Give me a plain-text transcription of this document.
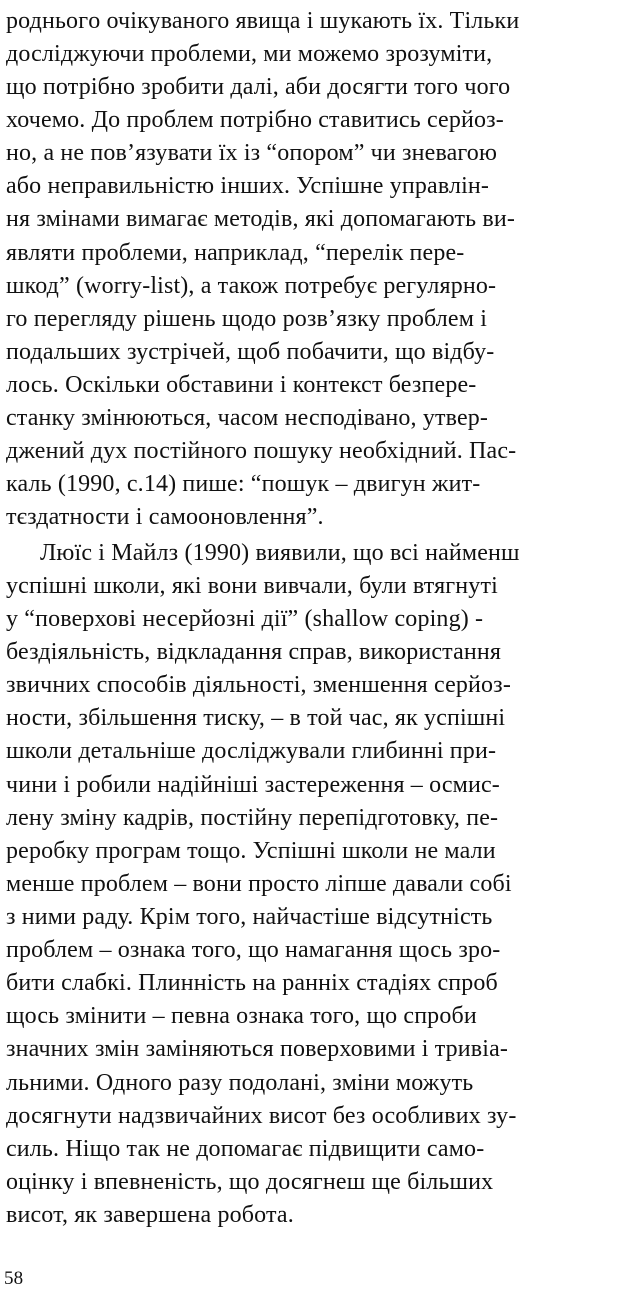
родньогo очікуваного явища і шукають їх. Тільки
досліджуючи проблеми, ми можемо зрозуміти,
що потрібно зробити далі, аби досягти того чого
хочемо. До проблем потрібно ставитись серйоз-
но, а не пов’язувати їх із “опором” чи зневагою
або неправильністю інших. Успішне управлін-
ня змінами вимагає методів, які допомагають ви-
являти проблеми, наприклад, “перелік пере-
шкод” (worry-list), а також потребує регулярно-
го перегляду рішень щодо розв’язку проблем і
подальших зустрічей, щоб побачити, що відбу-
лось. Оскільки обставини і контекст безпере-
станку змінюються, часом несподівано, утвер-
джений дух постійного пошуку необхідний. Пас-
каль (1990, с.14) пише: “пошук – двигун жит-
тєздатности і самооновлення”.
Люїс і Майлз (1990) виявили, що всі найменш
успішні школи, які вони вивчали, були втягнуті
у “поверхові несерйозні дії” (shallow coping) -
бездіяльність, відкладання справ, використання
звичних способів діяльності, зменшення серйоз-
ности, збільшення тиску, – в той час, як успішні
школи детальніше досліджували глибинні при-
чини і робили надійніші застереження – осмис-
лену зміну кадрів, постійну перепідготовку, пе-
реробку програм тощо. Успішні школи не мали
менше проблем – вони просто ліпше давали собі
з ними раду. Крім того, найчастіше відсутність
проблем – ознака того, що намагання щось зро-
бити слабкі. Плинність на ранніх стадіях спроб
щось змінити – певна ознака того, що спроби
значних змін заміняються поверховими і тривіа-
льними. Одного разу подолані, зміни можуть
досягнути надзвичайних висот без особливих зу-
силь. Ніщо так не допомагає підвищити само-
оцінку і впевненість, що досягнеш ще більших
висот, як завершена робота.
58
